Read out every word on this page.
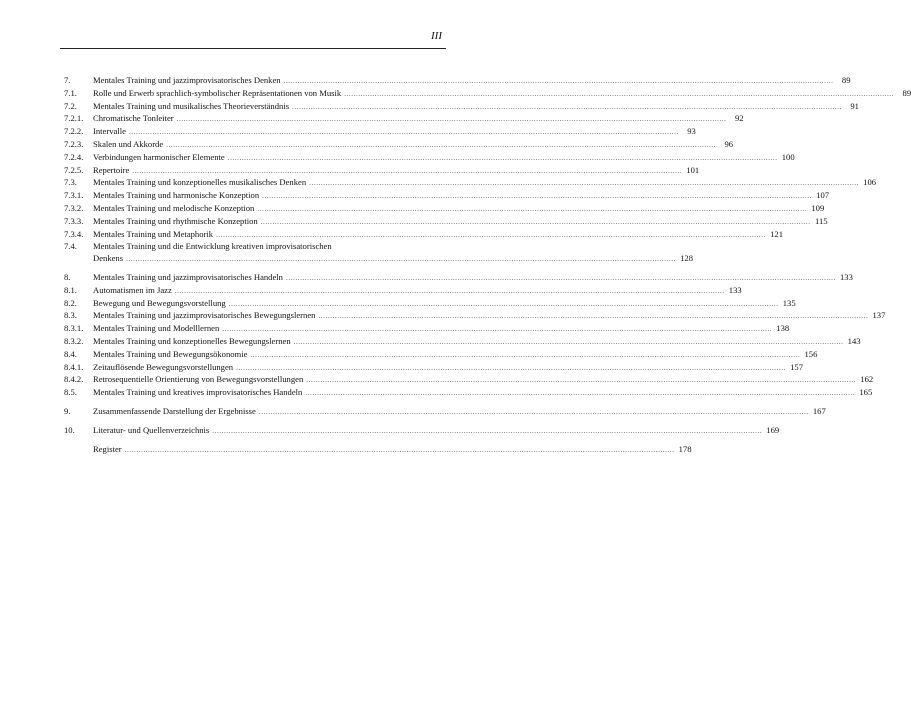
III
7.	Mentales Training und jazzimprovisatorisches Denken .....	89
7.1.	Rolle und Erwerb sprachlich-symbolischer Repräsentationen von Musik .....	89
7.2.	Mentales Training und musikalisches Theorieverständnis .....	91
7.2.1.	Chromatische Tonleiter .....	92
7.2.2.	Intervalle .....	93
7.2.3.	Skalen und Akkorde .....	96
7.2.4.	Verbindungen harmonischer Elemente .....	100
7.2.5.	Repertoire .....	101
7.3.	Mentales Training und konzeptionelles musikalisches Denken .....	106
7.3.1.	Mentales Training und harmonische Konzeption .....	107
7.3.2.	Mentales Training und melodische Konzeption .....	109
7.3.3.	Mentales Training und rhythmische Konzeption .....	115
7.3.4.	Mentales Training und Metaphorik .....	121
7.4.	Mentales Training und die Entwicklung kreativen improvisatorischen
Denkens .....	128
8.	Mentales Training und jazzimprovisatorisches Handeln .....	133
8.1.	Automatismen im Jazz .....	133
8.2.	Bewegung und Bewegungsvorstellung .....	135
8.3.	Mentales Training und jazzimprovisatorisches Bewegungslernen .....	137
8.3.1.	Mentales Training und Modelllernen .....	138
8.3.2.	Mentales Training und konzeptionelles Bewegungslernen .....	143
8.4.	Mentales Training und Bewegungsökonomie .....	156
8.4.1.	Zeitauflösende Bewegungsvorstellungen .....	157
8.4.2.	Retrosequentielle Orientierung von Bewegungsvorstellungen .....	162
8.5.	Mentales Training und kreatives improvisatorisches Handeln .....	165
9.	Zusammenfassende Darstellung der Ergebnisse .....	167
10.	Literatur- und Quellenverzeichnis .....	169
Register .....	178
